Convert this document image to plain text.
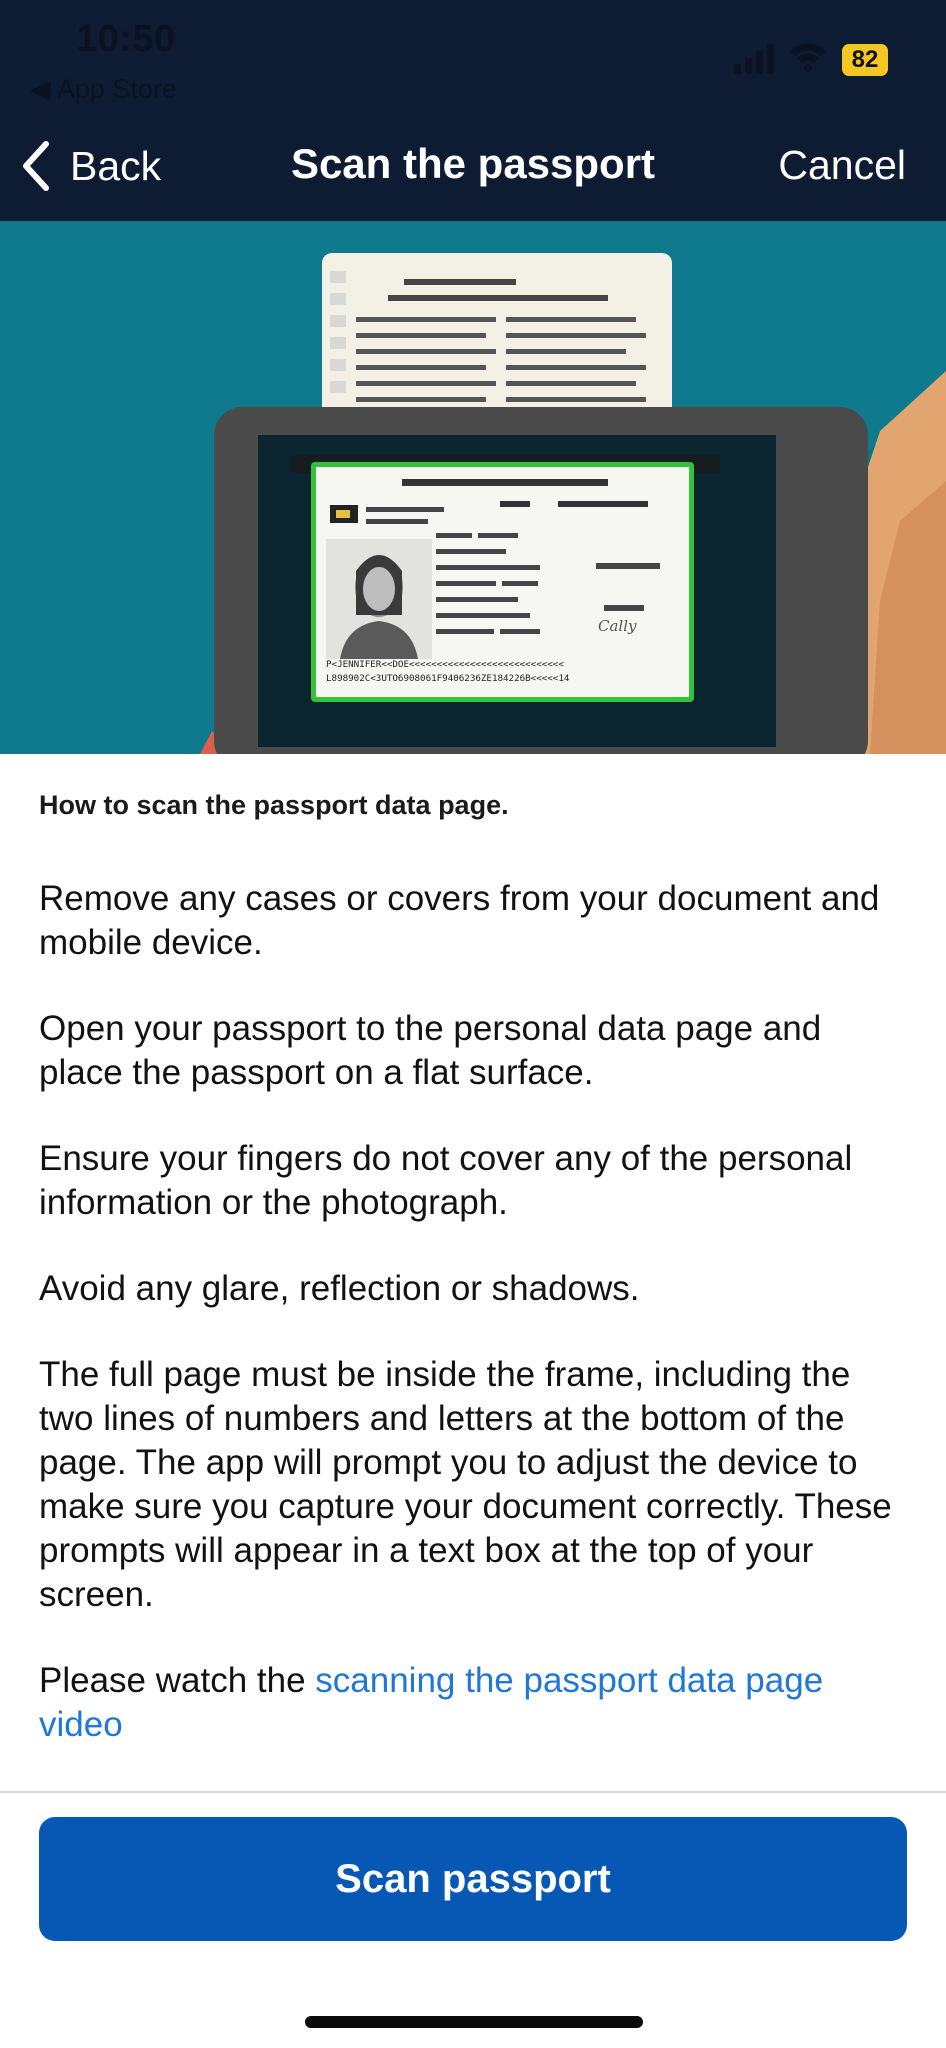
10:50
◀ App Store
82
Back	Scan the passport	Cancel
Cally
P<JENNIFER<<DOE<<<<<<<<<<<<<<<<<<<<<<<<<<<<
L898902C<3UTO6908061F9406236ZE184226B<<<<<14

How to scan the passport data page.

Remove any cases or covers from your document and mobile device.

Open your passport to the personal data page and place the passport on a flat surface.

Ensure your fingers do not cover any of the personal information or the photograph.

Avoid any glare, reflection or shadows.

The full page must be inside the frame, including the two lines of numbers and letters at the bottom of the page. The app will prompt you to adjust the device to make sure you capture your document correctly. These prompts will appear in a text box at the top of your screen.

Please watch the scanning the passport data page video

Scan passport
